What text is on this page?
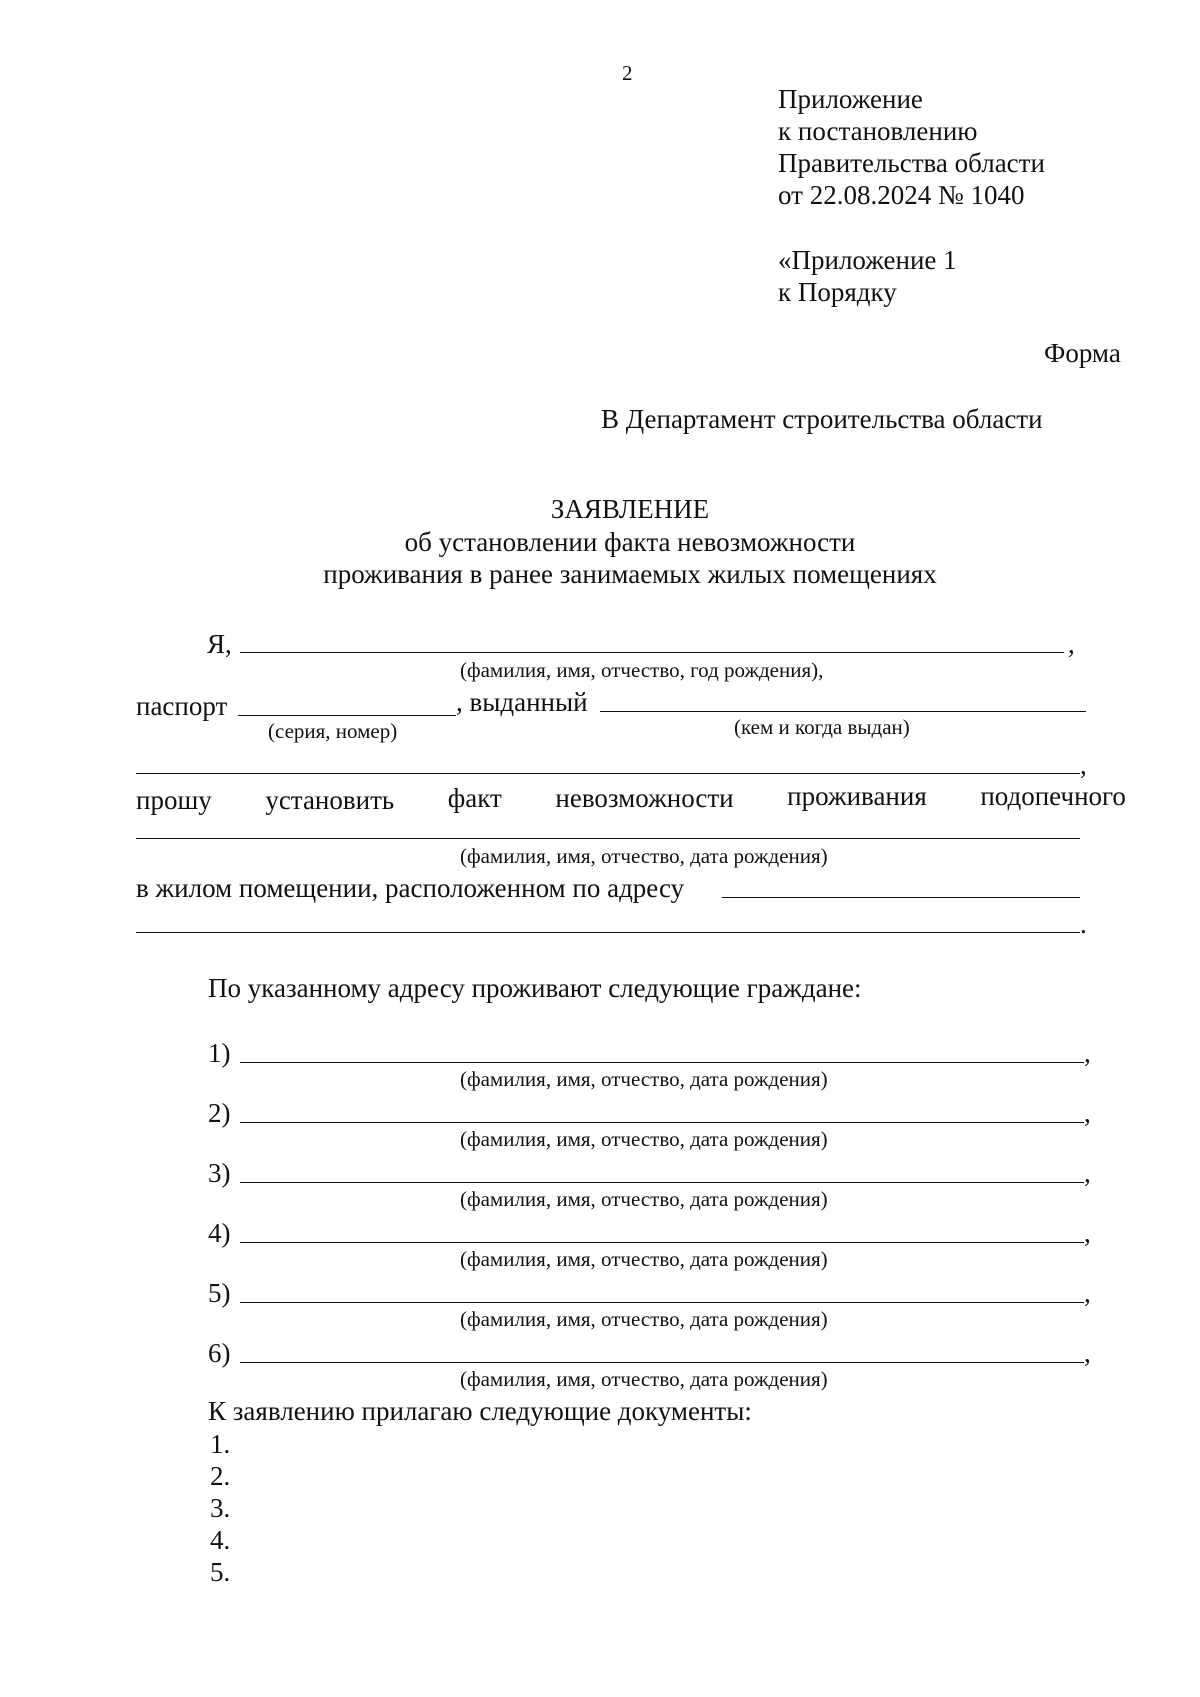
2
Приложение
к постановлению
Правительства области
от 22.08.2024 № 1040
«Приложение 1
к Порядку
Форма
В Департамент строительства области
ЗАЯВЛЕНИЕ
об установлении факта невозможности
проживания в ранее занимаемых жилых помещениях
Я,	,
(фамилия, имя, отчество, год рождения),
паспорт	, выданный
(серия, номер)	(кем и когда выдан)
,
прошу установить факт невозможности проживания подопечного
(фамилия, имя, отчество, дата рождения)
в жилом помещении, расположенном по адресу
.
По указанному адресу проживают следующие граждане:
1)	,
(фамилия, имя, отчество, дата рождения)
2)	,
(фамилия, имя, отчество, дата рождения)
3)	,
(фамилия, имя, отчество, дата рождения)
4)	,
(фамилия, имя, отчество, дата рождения)
5)	,
(фамилия, имя, отчество, дата рождения)
6)	,
(фамилия, имя, отчество, дата рождения)
К заявлению прилагаю следующие документы:
1.
2.
3.
4.
5.
